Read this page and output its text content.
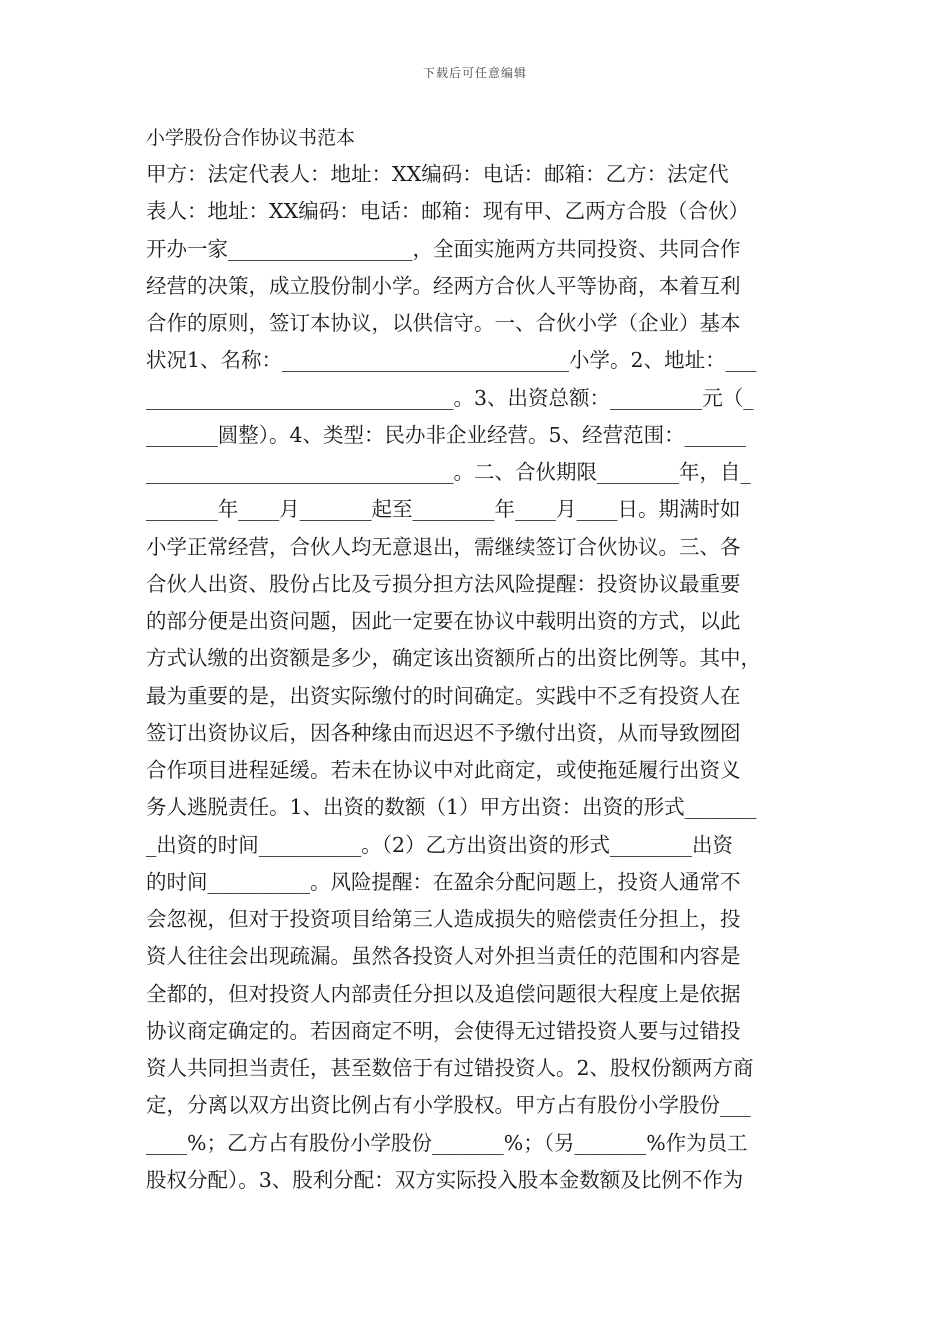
下载后可任意编辑
小学股份合作协议书范本
甲方：法定代表人：地址：XX编码：电话：邮箱：乙方：法定代
表人：地址：XX编码：电话：邮箱：现有甲、乙两方合股（合伙）
开办一家__________________，全面实施两方共同投资、共同合作
经营的决策，成立股份制小学。经两方合伙人平等协商，本着互利
合作的原则，签订本协议，以供信守。一、合伙小学（企业）基本
状况1、名称：____________________________小学。2、地址：___
______________________________。3、出资总额：_________元（_
_______圆整）。4、类型：民办非企业经营。5、经营范围：______
______________________________。二、合伙期限________年，自_
_______年____月_______起至________年____月____日。期满时如
小学正常经营，合伙人均无意退出，需继续签订合伙协议。三、各
合伙人出资、股份占比及亏损分担方法风险提醒：投资协议最重要
的部分便是出资问题，因此一定要在协议中载明出资的方式，以此
方式认缴的出资额是多少，确定该出资额所占的出资比例等。其中，
最为重要的是，出资实际缴付的时间确定。实践中不乏有投资人在
签订出资协议后，因各种缘由而迟迟不予缴付出资，从而导致囫囵
合作项目进程延缓。若未在协议中对此商定，或使拖延履行出资义
务人逃脱责任。1、出资的数额（1）甲方出资：出资的形式_______
_出资的时间__________。（2）乙方出资出资的形式________出资
的时间__________。风险提醒：在盈余分配问题上，投资人通常不
会忽视，但对于投资项目给第三人造成损失的赔偿责任分担上，投
资人往往会出现疏漏。虽然各投资人对外担当责任的范围和内容是
全都的，但对投资人内部责任分担以及追偿问题很大程度上是依据
协议商定确定的。若因商定不明，会使得无过错投资人要与过错投
资人共同担当责任，甚至数倍于有过错投资人。2、股权份额两方商
定，分离以双方出资比例占有小学股权。甲方占有股份小学股份___
____%；乙方占有股份小学股份_______%；（另_______%作为员工
股权分配）。3、股利分配：双方实际投入股本金数额及比例不作为
